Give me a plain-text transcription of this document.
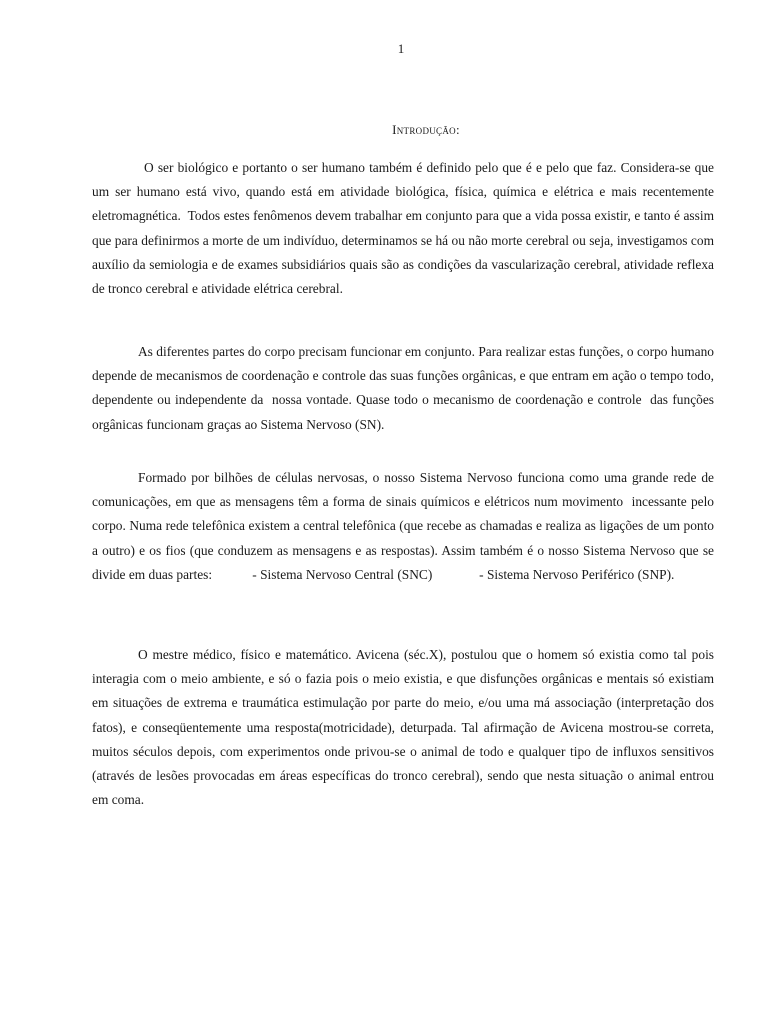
1
Introdução:

O ser biológico e portanto o ser humano também é definido pelo que é e pelo que faz. Considera-se que um ser humano está vivo, quando está em atividade biológica, física, química e elétrica e mais recentemente eletromagnética.  Todos estes fenômenos devem trabalhar em conjunto para que a vida possa existir, e tanto é assim que para definirmos a morte de um indivíduo, determinamos se há ou não morte cerebral ou seja, investigamos com auxílio da semiologia e de exames subsidiários quais são as condições da vascularização cerebral, atividade reflexa de tronco cerebral e atividade elétrica cerebral.

As diferentes partes do corpo precisam funcionar em conjunto. Para realizar estas funções, o corpo humano depende de mecanismos de coordenação e controle das suas funções orgânicas, e que entram em ação o tempo todo, dependente ou independente da  nossa vontade. Quase todo o mecanismo de coordenação e controle  das funções orgânicas funcionam graças ao Sistema Nervoso (SN).

Formado por bilhões de células nervosas, o nosso Sistema Nervoso funciona como uma grande rede de comunicações, em que as mensagens têm a forma de sinais químicos e elétricos num movimento  incessante pelo corpo. Numa rede telefônica existem a central telefônica (que recebe as chamadas e realiza as ligações de um ponto a outro) e os fios (que conduzem as mensagens e as respostas). Assim também é o nosso Sistema Nervoso que se divide em duas partes:            - Sistema Nervoso Central (SNC)              - Sistema Nervoso Periférico (SNP).

O mestre médico, físico e matemático. Avicena (séc.X), postulou que o homem só existia como tal pois interagia com o meio ambiente, e só o fazia pois o meio existia, e que disfunções orgânicas e mentais só existiam em situações de extrema e traumática estimulação por parte do meio, e/ou uma má associação (interpretação dos fatos), e conseqüentemente uma resposta(motricidade), deturpada. Tal afirmação de Avicena mostrou-se correta, muitos séculos depois, com experimentos onde privou-se o animal de todo e qualquer tipo de influxos sensitivos (através de lesões provocadas em áreas específicas do tronco cerebral), sendo que nesta situação o animal entrou em coma.
